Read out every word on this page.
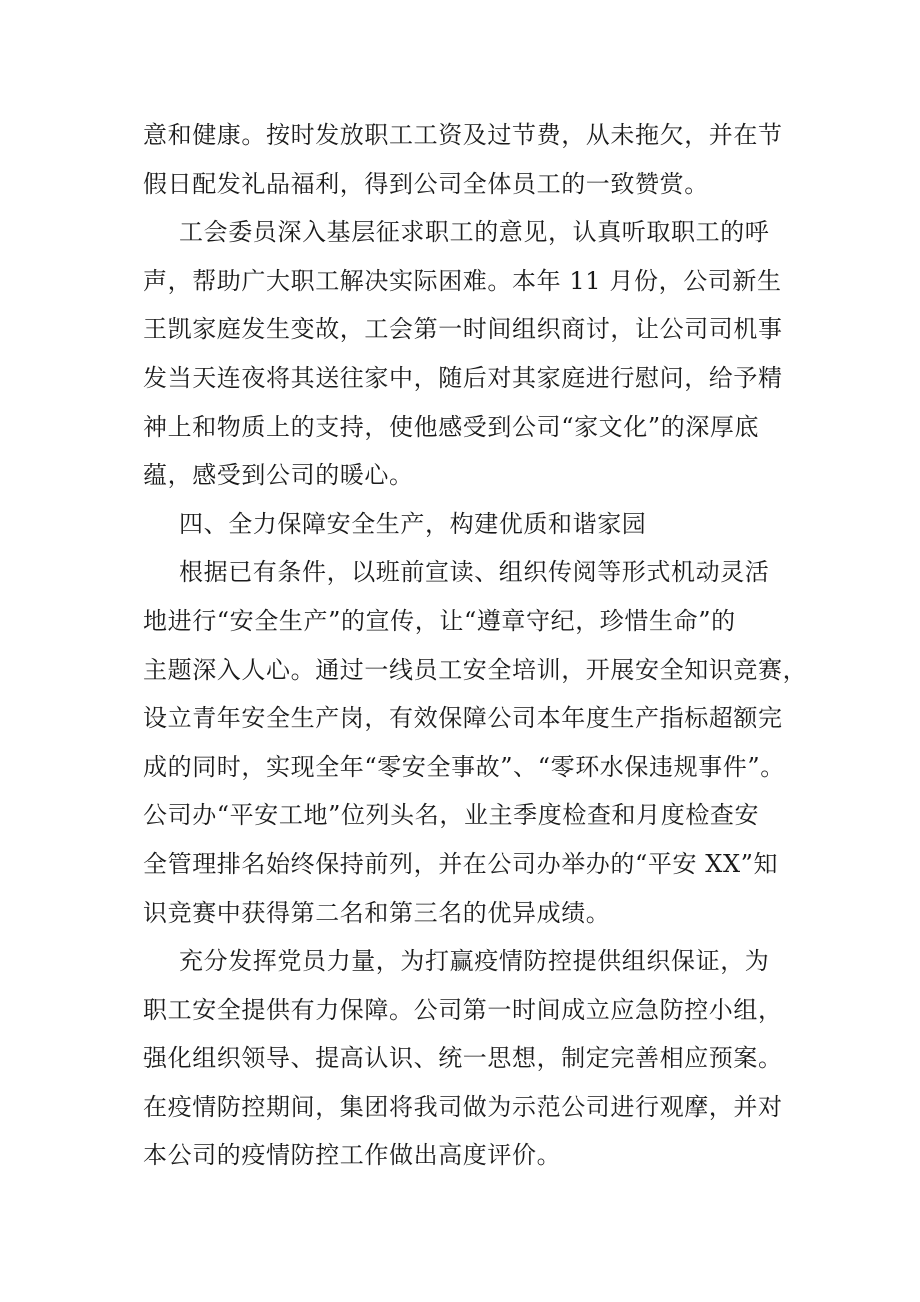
意和健康。按时发放职工工资及过节费，从未拖欠，并在节
假日配发礼品福利，得到公司全体员工的一致赞赏。
工会委员深入基层征求职工的意见，认真听取职工的呼
声，帮助广大职工解决实际困难。本年 11 月份，公司新生
王凯家庭发生变故，工会第一时间组织商讨，让公司司机事
发当天连夜将其送往家中，随后对其家庭进行慰问，给予精
神上和物质上的支持，使他感受到公司“家文化”的深厚底
蕴，感受到公司的暖心。
四、全力保障安全生产，构建优质和谐家园
根据已有条件，以班前宣读、组织传阅等形式机动灵活
地进行“安全生产”的宣传，让“遵章守纪，珍惜生命”的
主题深入人心。通过一线员工安全培训，开展安全知识竞赛，
设立青年安全生产岗，有效保障公司本年度生产指标超额完
成的同时，实现全年“零安全事故”、“零环水保违规事件”。
公司办“平安工地”位列头名，业主季度检查和月度检查安
全管理排名始终保持前列，并在公司办举办的“平安 XX”知
识竞赛中获得第二名和第三名的优异成绩。
充分发挥党员力量，为打赢疫情防控提供组织保证，为
职工安全提供有力保障。公司第一时间成立应急防控小组，
强化组织领导、提高认识、统一思想，制定完善相应预案。
在疫情防控期间，集团将我司做为示范公司进行观摩，并对
本公司的疫情防控工作做出高度评价。
